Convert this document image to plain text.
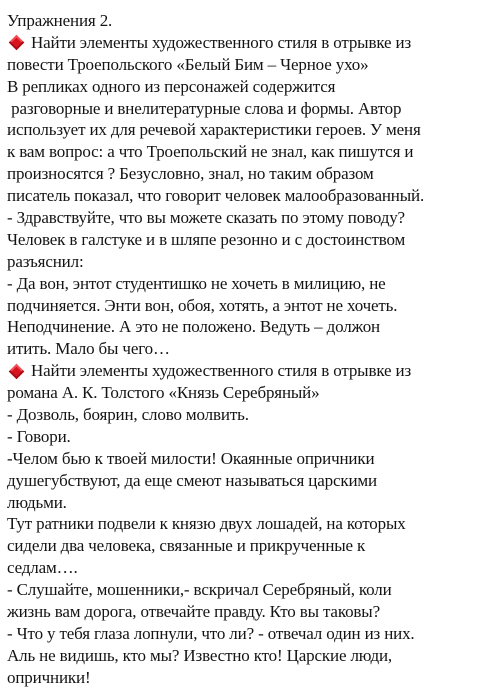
Упражнения 2.
Найти элементы художественного стиля в отрывке из
повести Троепольского «Белый Бим – Черное ухо»
В репликах одного из персонажей содержится
разговорные и внелитературные слова и формы. Автор
использует их для речевой характеристики героев. У меня
к вам вопрос: а что Троепольский не знал, как пишутся и
произносятся ? Безусловно, знал, но таким образом
писатель показал, что говорит человек малообразованный.
- Здравствуйте, что вы можете сказать по этому поводу?
Человек в галстуке и в шляпе резонно и с достоинством
разъяснил:
- Да вон, энтот студентишко не хочеть в милицию, не
подчиняется. Энти вон, обоя, хотять, а энтот не хочеть.
Неподчинение. А это не положено. Ведуть – должон
итить. Мало бы чего…
Найти элементы художественного стиля в отрывке из
романа А. К. Толстого «Князь Серебряный»
- Дозволь, боярин, слово молвить.
- Говори.
-Челом бью к твоей милости! Окаянные опричники
душегубствуют, да еще смеют называться царскими
людьми.
Тут ратники подвели к князю двух лошадей, на которых
сидели два человека, связанные и прикрученные к
седлам….
- Слушайте, мошенники,- вскричал Серебряный, коли
жизнь вам дорога, отвечайте правду. Кто вы таковы?
- Что у тебя глаза лопнули, что ли? - отвечал один из них.
Аль не видишь, кто мы? Известно кто! Царские люди,
опричники!
